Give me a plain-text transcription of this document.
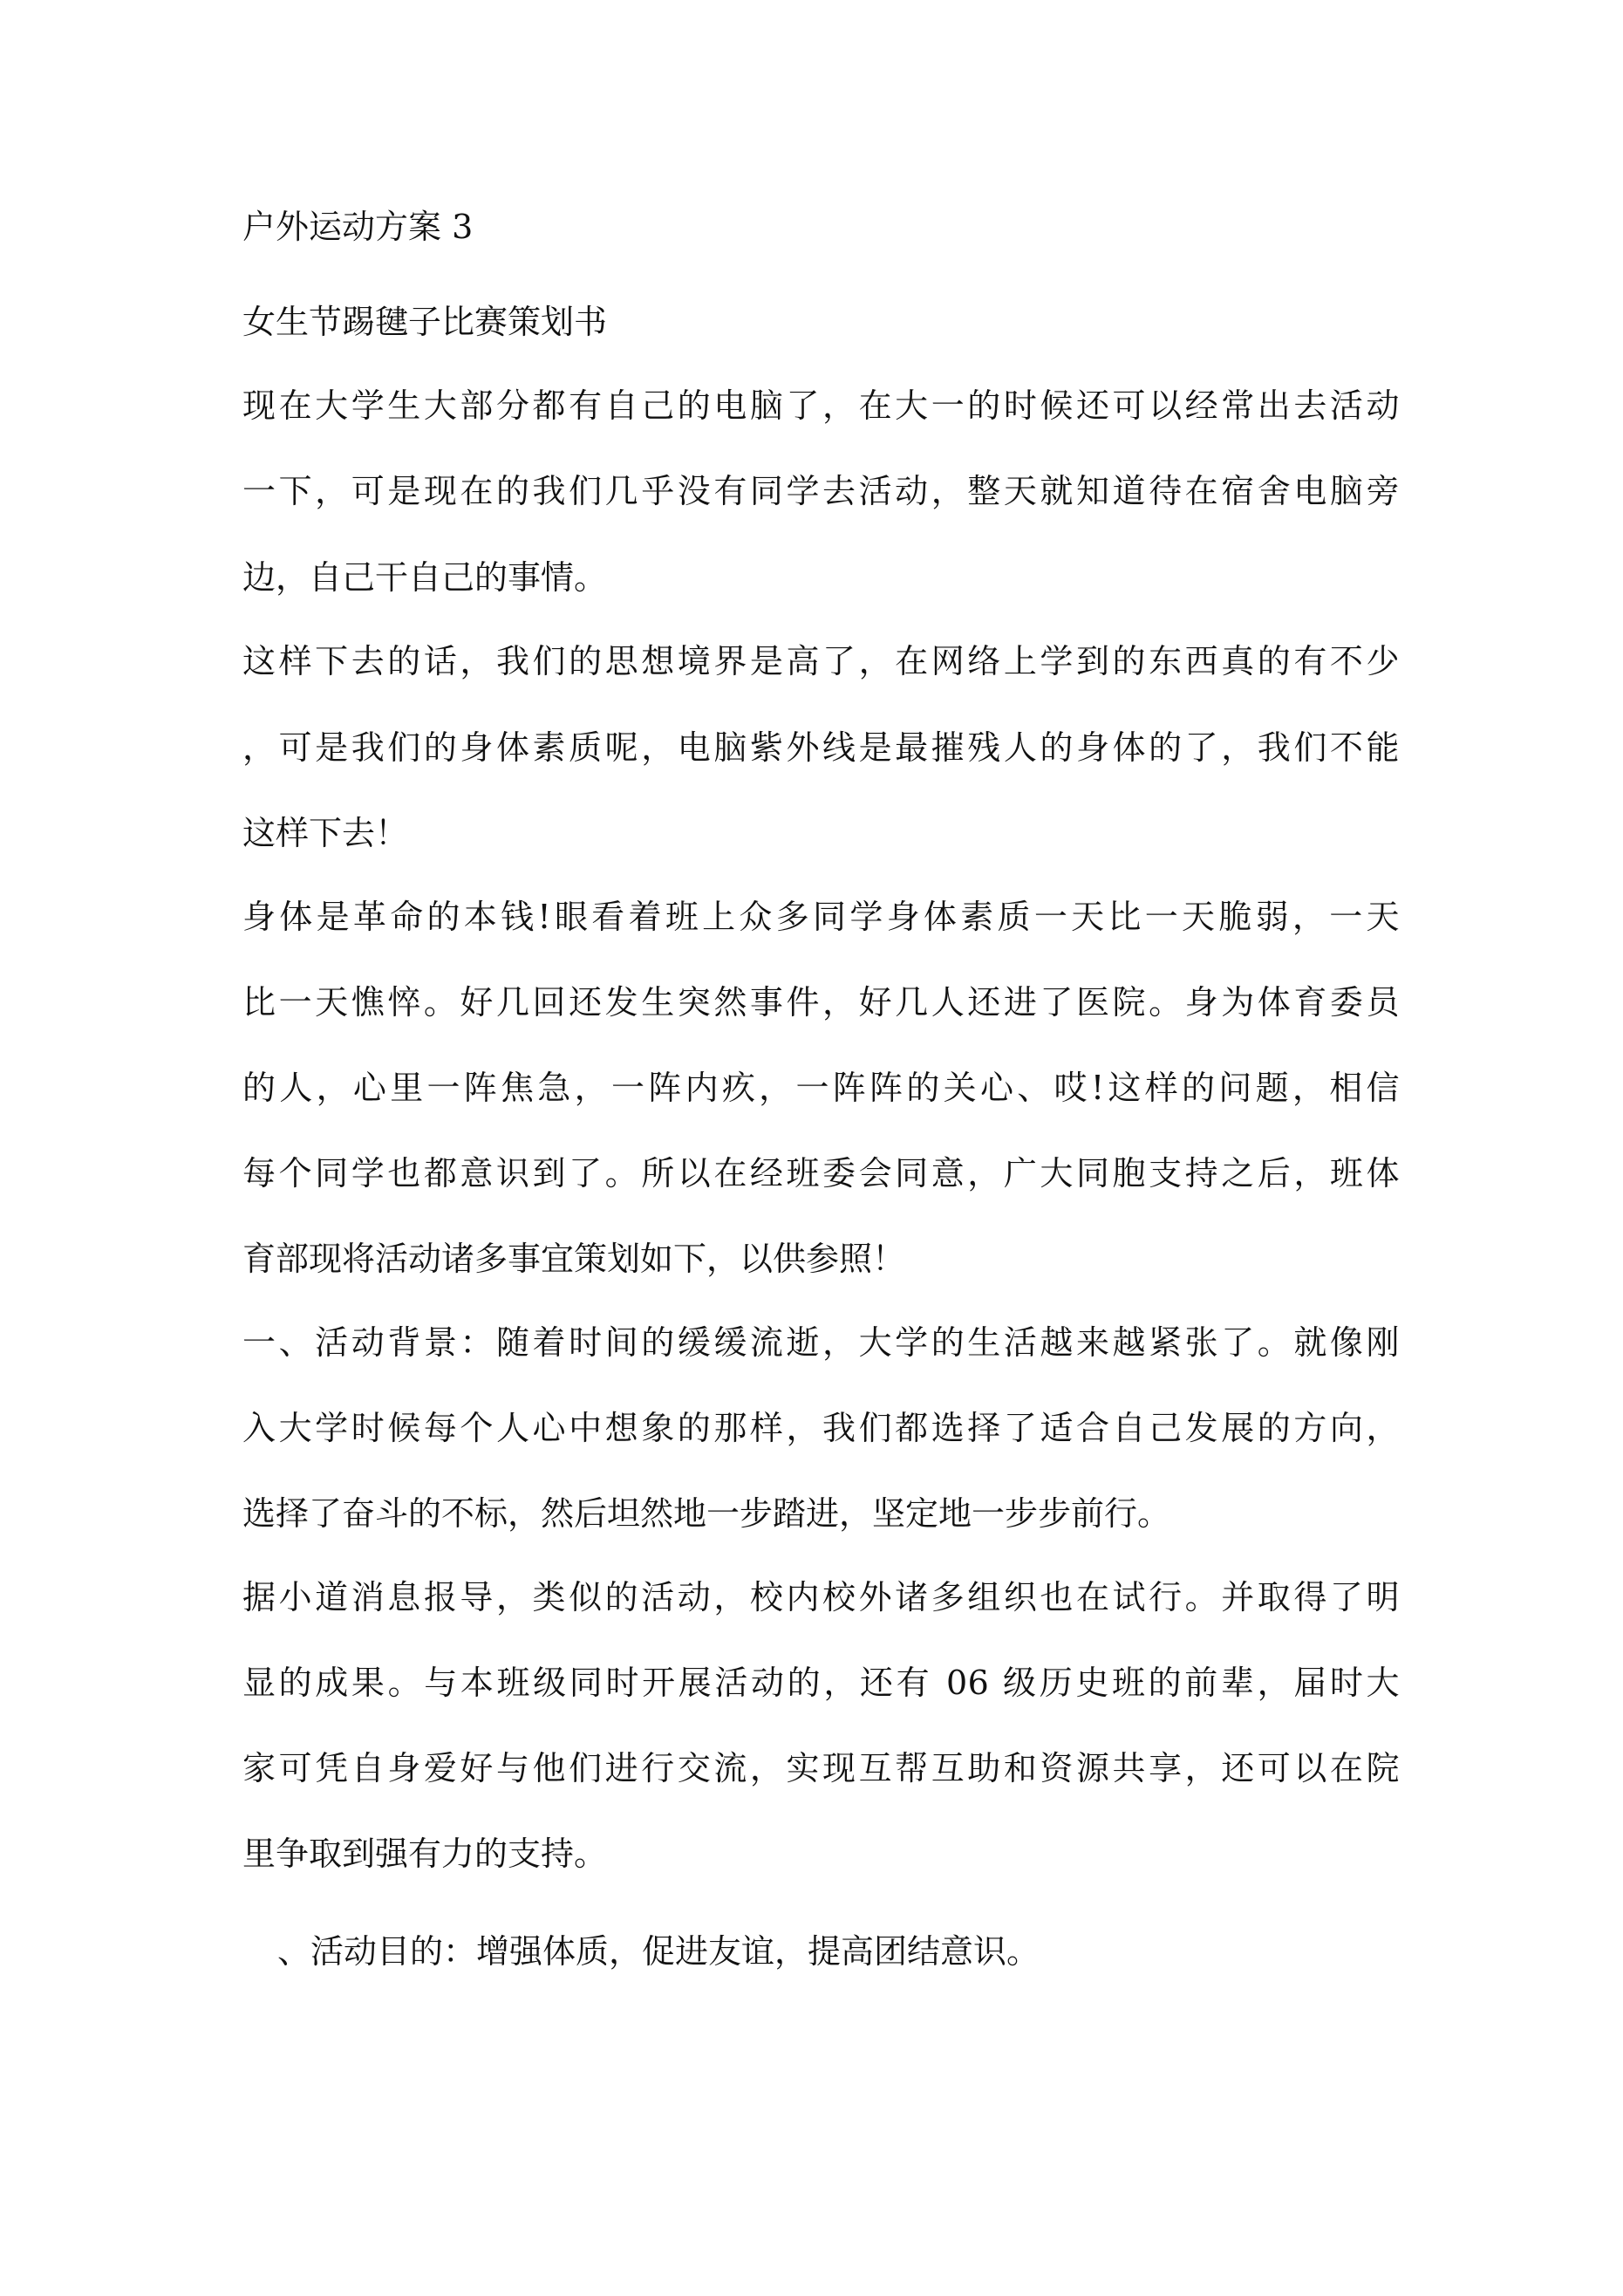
户外运动方案 3

女生节踢毽子比赛策划书

现在大学生大部分都有自己的电脑了，在大一的时候还可以经常出去活动

一下，可是现在的我们几乎没有同学去活动，整天就知道待在宿舍电脑旁

边，自己干自己的事情。

这样下去的话，我们的思想境界是高了，在网络上学到的东西真的有不少

，可是我们的身体素质呢，电脑紫外线是最摧残人的身体的了，我们不能

这样下去！

身体是革命的本钱!眼看着班上众多同学身体素质一天比一天脆弱，一天

比一天憔悴。好几回还发生突然事件，好几人还进了医院。身为体育委员

的人，心里一阵焦急，一阵内疚，一阵阵的关心、哎!这样的问题，相信

每个同学也都意识到了。所以在经班委会同意，广大同胞支持之后，班体

育部现将活动诸多事宜策划如下，以供参照！

一、活动背景：随着时间的缓缓流逝，大学的生活越来越紧张了。就像刚

入大学时候每个人心中想象的那样，我们都选择了适合自己发展的方向，

选择了奋斗的不标，然后坦然地一步踏进，坚定地一步步前行。

据小道消息报导，类似的活动，校内校外诸多组织也在试行。并取得了明

显的成果。与本班级同时开展活动的，还有 06 级历史班的前辈，届时大

家可凭自身爱好与他们进行交流，实现互帮互助和资源共享，还可以在院

里争取到强有力的支持。

、活动目的：增强体质，促进友谊，提高团结意识。
